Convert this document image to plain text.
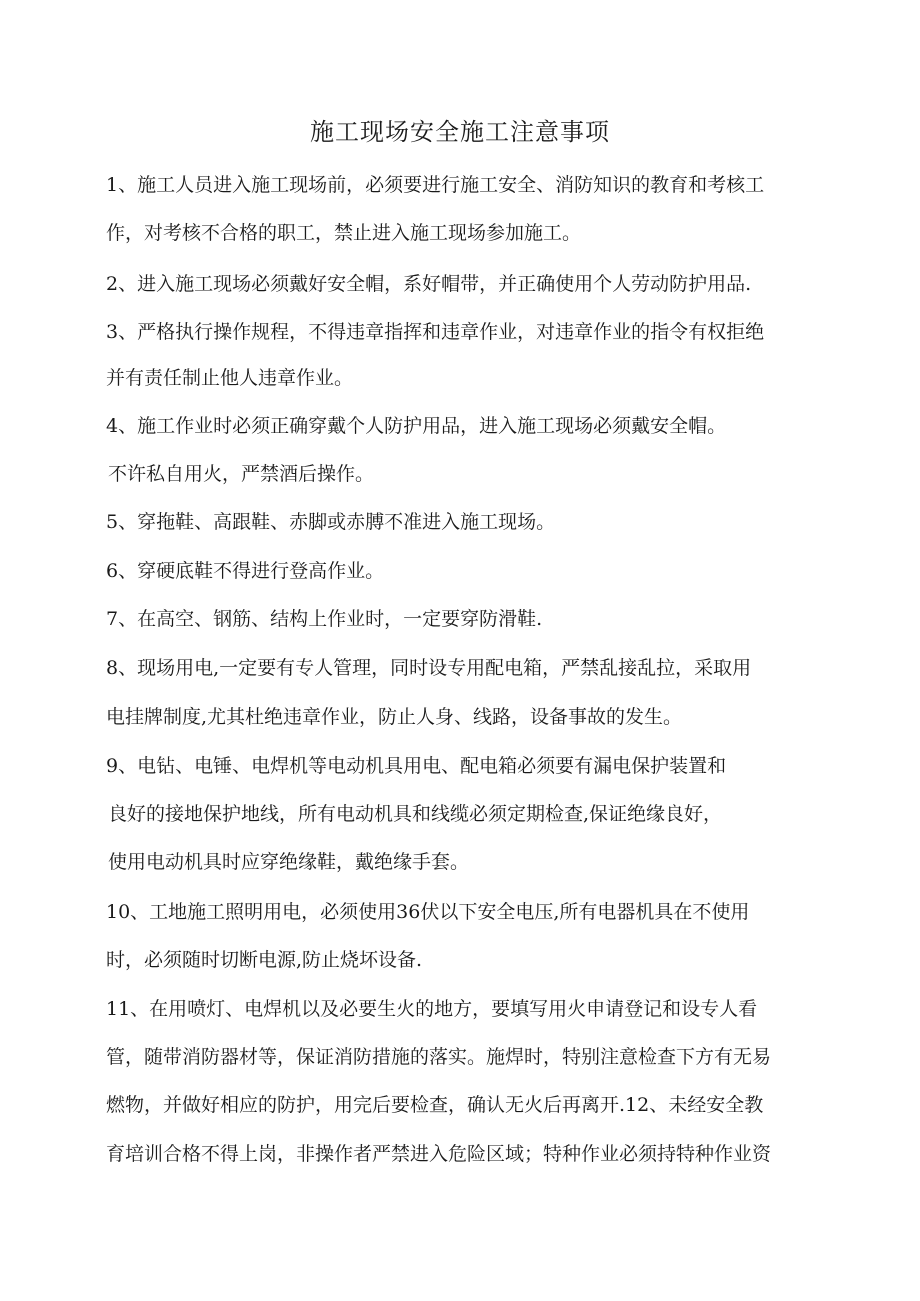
施工现场安全施工注意事项
1、施工人员进入施工现场前，必须要进行施工安全、消防知识的教育和考核工
作，对考核不合格的职工，禁止进入施工现场参加施工。
2、进入施工现场必须戴好安全帽，系好帽带，并正确使用个人劳动防护用品.
3、严格执行操作规程，不得违章指挥和违章作业，对违章作业的指令有权拒绝
并有责任制止他人违章作业。
4、施工作业时必须正确穿戴个人防护用品，进入施工现场必须戴安全帽。
不许私自用火，严禁酒后操作。
5、穿拖鞋、高跟鞋、赤脚或赤膊不准进入施工现场。
6、穿硬底鞋不得进行登高作业。
7、在高空、钢筋、结构上作业时，一定要穿防滑鞋.
8、现场用电,一定要有专人管理，同时设专用配电箱，严禁乱接乱拉，采取用
电挂牌制度,尤其杜绝违章作业，防止人身、线路，设备事故的发生。
9、电钻、电锤、电焊机等电动机具用电、配电箱必须要有漏电保护装置和
良好的接地保护地线，所有电动机具和线缆必须定期检查,保证绝缘良好，
使用电动机具时应穿绝缘鞋，戴绝缘手套。
10、工地施工照明用电，必须使用36伏以下安全电压,所有电器机具在不使用
时，必须随时切断电源,防止烧坏设备.
11、在用喷灯、电焊机以及必要生火的地方，要填写用火申请登记和设专人看
管，随带消防器材等，保证消防措施的落实。施焊时，特别注意检查下方有无易
燃物，并做好相应的防护，用完后要检查，确认无火后再离开.12、未经安全教
育培训合格不得上岗，非操作者严禁进入危险区域；特种作业必须持特种作业资
